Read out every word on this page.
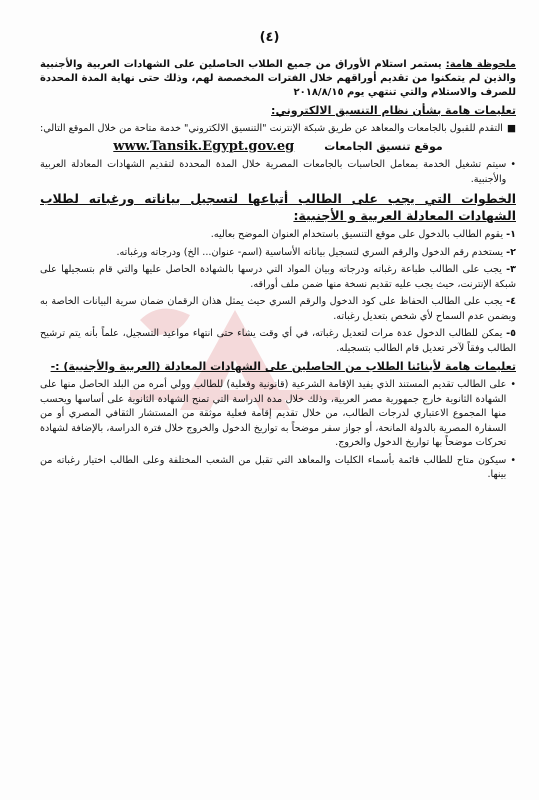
(٤)

ملحوظة هامة: يستمر استلام الأوراق من جميع الطلاب الحاصلين على الشهادات العربية والأجنبية والذين لم يتمكنوا من تقديم أوراقهم خلال الفترات المخصصة لهم، وذلك حتى نهاية المدة المحددة للصرف والاستلام والتي تنتهي يوم ٢٠١٨/٨/١٥

تعليمات هامة بشأن نظام التنسيق الالكتروني:

■
التقدم للقبول بالجامعات والمعاهد عن طريق شبكة الإنترنت "التنسيق الالكتروني" خدمة متاحة من خلال الموقع التالي:

موقع تنسيق الجامعات
www.Tansik.Egypt.gov.eg

•
سيتم تشغيل الخدمة بمعامل الحاسبات بالجامعات المصرية خلال المدة المحددة لتقديم الشهادات المعادلة العربية والأجنبية.

الخطوات التي يجب على الطالب أتباعها لتسجيل بياناته ورغباته لطلاب الشهادات المعادلة العربية و الأجنبية:

١- يقوم الطالب بالدخول على موقع التنسيق باستخدام العنوان الموضح بعاليه.

٢- يستخدم رقم الدخول والرقم السري لتسجيل بياناته الأساسية (اسم- عنوان... الخ) ودرجاته ورغباته.

٣- يجب على الطالب طباعة رغباته ودرجاته وبيان المواد التي درسها بالشهادة الحاصل عليها والتي قام بتسجيلها على شبكة الإنترنت، حيث يجب عليه تقديم نسخة منها ضمن ملف أوراقه.

٤- يجب على الطالب الحفاظ على كود الدخول والرقم السري حيث يمثل هذان الرقمان ضمان سرية البيانات الخاصة به ويضمن عدم السماح لأي شخص بتعديل رغباته.

٥- يمكن للطالب الدخول عدة مرات لتعديل رغباته، في أي وقت يشاء حتى انتهاء مواعيد التسجيل، علماً بأنه يتم ترشيح الطالب وفقاً لآخر تعديل قام الطالب بتسجيله.

تعليمات هامة لأبنائنا الطلاب من الحاصلين على الشهادات المعادلة (العربية والأجنبية) :-

•
على الطالب تقديم المستند الذي يفيد الإقامة الشرعية (قانونية وفعلية) للطالب وولي أمره من البلد الحاصل منها على الشهادة الثانوية خارج جمهورية مصر العربية، وذلك خلال مدة الدراسة التي تمنح الشهادة الثانوية على أساسها ويحسب منها المجموع الاعتباري لدرجات الطالب، من خلال تقديم إقامة فعلية موثقة من المستشار الثقافي المصري أو من السفارة المصرية بالدولة المانحة، أو جواز سفر موضحاً به تواريخ الدخول والخروج خلال فترة الدراسة، بالإضافة لشهادة تحركات موضحاً بها تواريخ الدخول والخروج.

•
سيكون متاح للطالب قائمة بأسماء الكليات والمعاهد التي تقبل من الشعب المختلفة وعلى الطالب اختيار رغباته من بينها.
